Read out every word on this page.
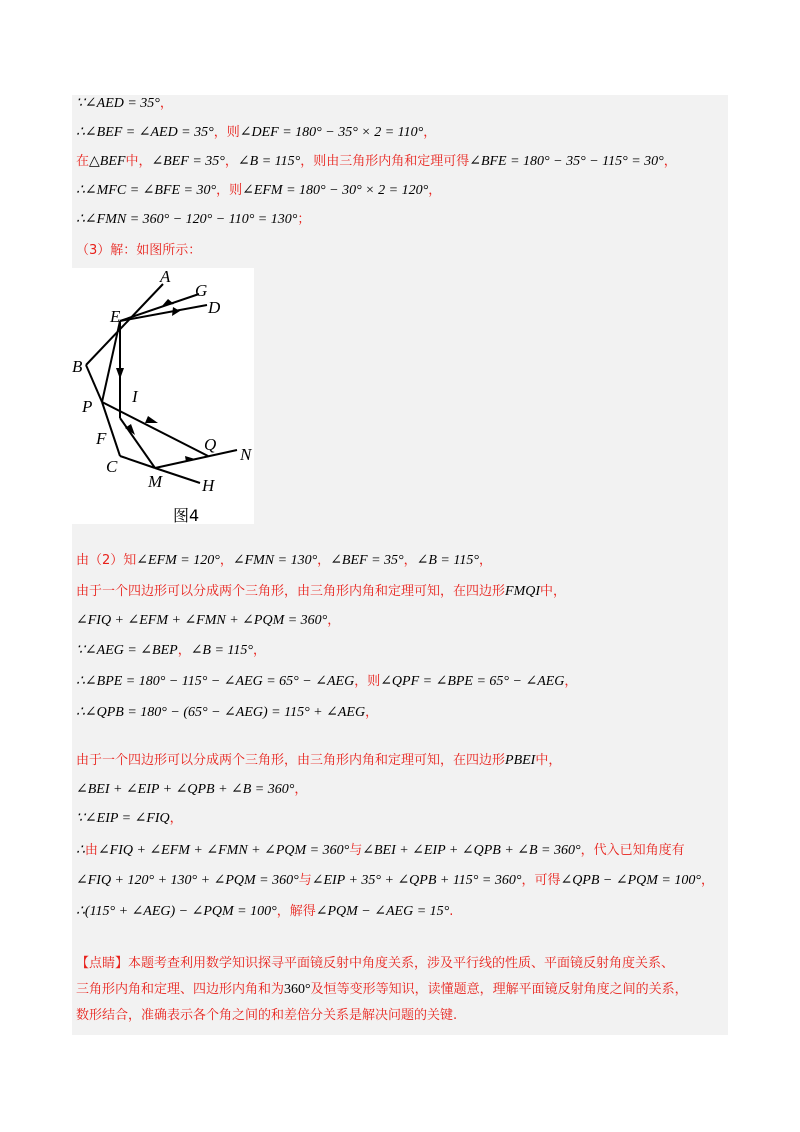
∵∠AED = 35°，
∴∠BEF = ∠AED = 35°，则∠DEF = 180° − 35° × 2 = 110°，
在△BEF中，∠BEF = 35°，∠B = 115°，则由三角形内角和定理可得∠BFE = 180° − 35° − 115° = 30°，
∴∠MFC = ∠BFE = 30°，则∠EFM = 180° − 30° × 2 = 120°，
∴∠FMN = 360° − 120° − 110° = 130°；
（3）解：如图所示：
A
G
D
E
B
I
P
F	Q
N
C
M H
图4
由（2）知∠EFM = 120°，∠FMN = 130°，∠BEF = 35°，∠B = 115°，
由于一个四边形可以分成两个三角形，由三角形内角和定理可知，在四边形FMQI中，
∠FIQ + ∠EFM + ∠FMN + ∠PQM = 360°，
∵∠AEG = ∠BEP，∠B = 115°，
∴∠BPE = 180° − 115° − ∠AEG = 65° − ∠AEG，则∠QPF = ∠BPE = 65° − ∠AEG，
∴∠QPB = 180° − (65° − ∠AEG) = 115° + ∠AEG，
由于一个四边形可以分成两个三角形，由三角形内角和定理可知，在四边形PBEI中，
∠BEI + ∠EIP + ∠QPB + ∠B = 360°，
∵∠EIP = ∠FIQ，
∴由∠FIQ + ∠EFM + ∠FMN + ∠PQM = 360°与∠BEI + ∠EIP + ∠QPB + ∠B = 360°，代入已知角度有
∠FIQ + 120° + 130° + ∠PQM = 360°与∠EIP + 35° + ∠QPB + 115° = 360°，可得∠QPB − ∠PQM = 100°，
∴(115° + ∠AEG) − ∠PQM = 100°，解得∠PQM − ∠AEG = 15°.
【点睛】本题考查利用数学知识探寻平面镜反射中角度关系，涉及平行线的性质、平面镜反射角度关系、
三角形内角和定理、四边形内角和为360°及恒等变形等知识，读懂题意，理解平面镜反射角度之间的关系，
数形结合，准确表示各个角之间的和差倍分关系是解决问题的关键.
